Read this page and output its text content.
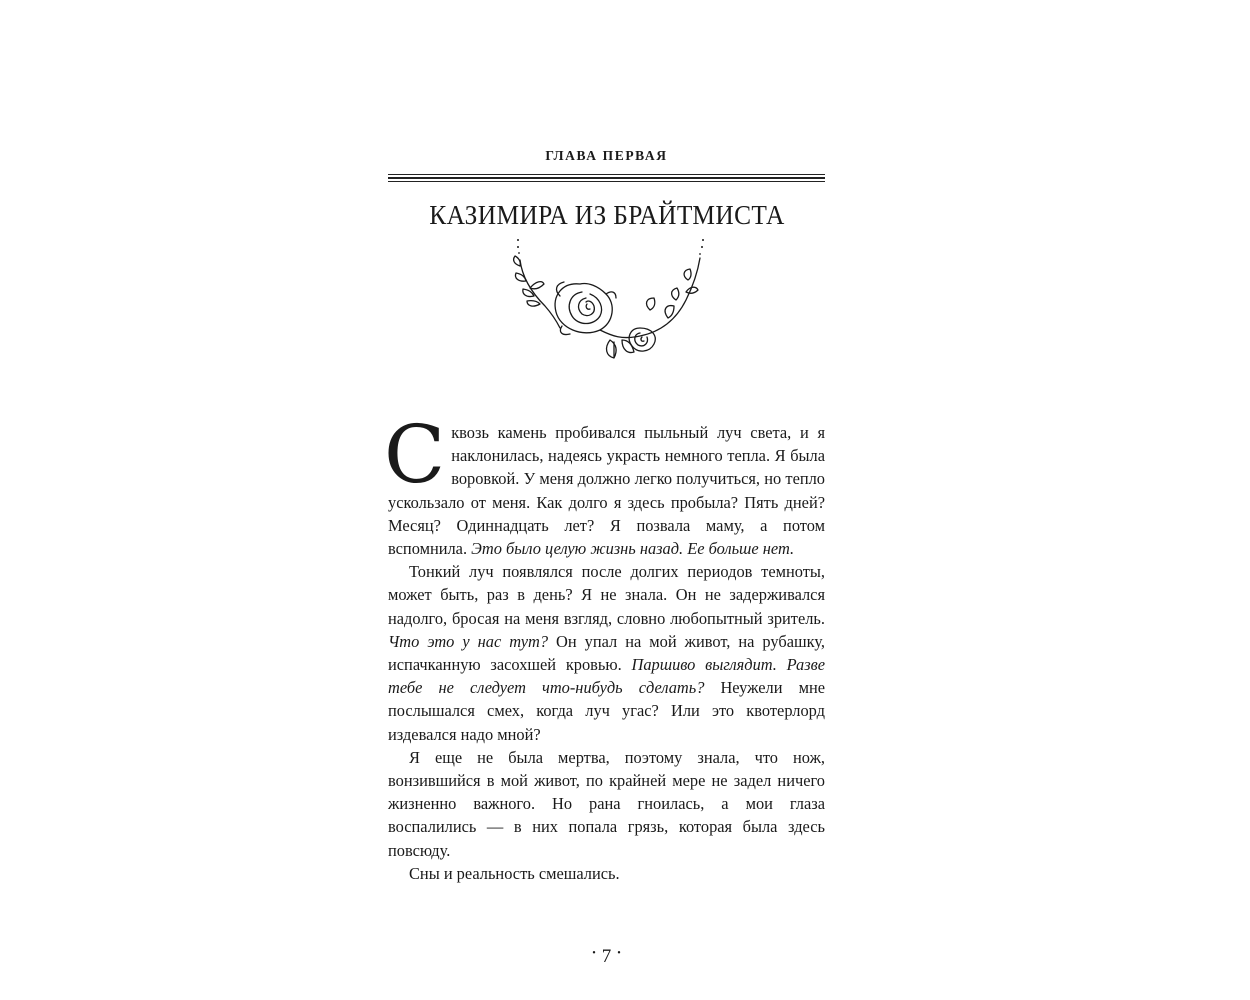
ГЛАВА ПЕРВАЯ
КАЗИМИРА ИЗ БРАЙТМИСТА

Сквозь камень пробивался пыльный луч света, и я наклонилась, надеясь украсть немного тепла. Я была воровкой. У меня должно легко получиться, но тепло ускользало от меня. Как долго я здесь пробыла? Пять дней? Месяц? Одиннадцать лет? Я позвала маму, а потом вспомнила. Это было целую жизнь назад. Ее больше нет.

Тонкий луч появлялся после долгих периодов темноты, может быть, раз в день? Я не знала. Он не задерживался надолго, бросая на меня взгляд, словно любопытный зритель. Что это у нас тут? Он упал на мой живот, на рубашку, испачканную засохшей кровью. Паршиво выглядит. Разве тебе не следует что-нибудь сделать? Неужели мне послышался смех, когда луч угас? Или это квотерлорд издевался надо мной?

Я еще не была мертва, поэтому знала, что нож, вонзившийся в мой живот, по крайней мере не задел ничего жизненно важного. Но рана гноилась, а мои глаза воспалились — в них попала грязь, которая была здесь повсюду.

Сны и реальность смешались.

• 7 •
